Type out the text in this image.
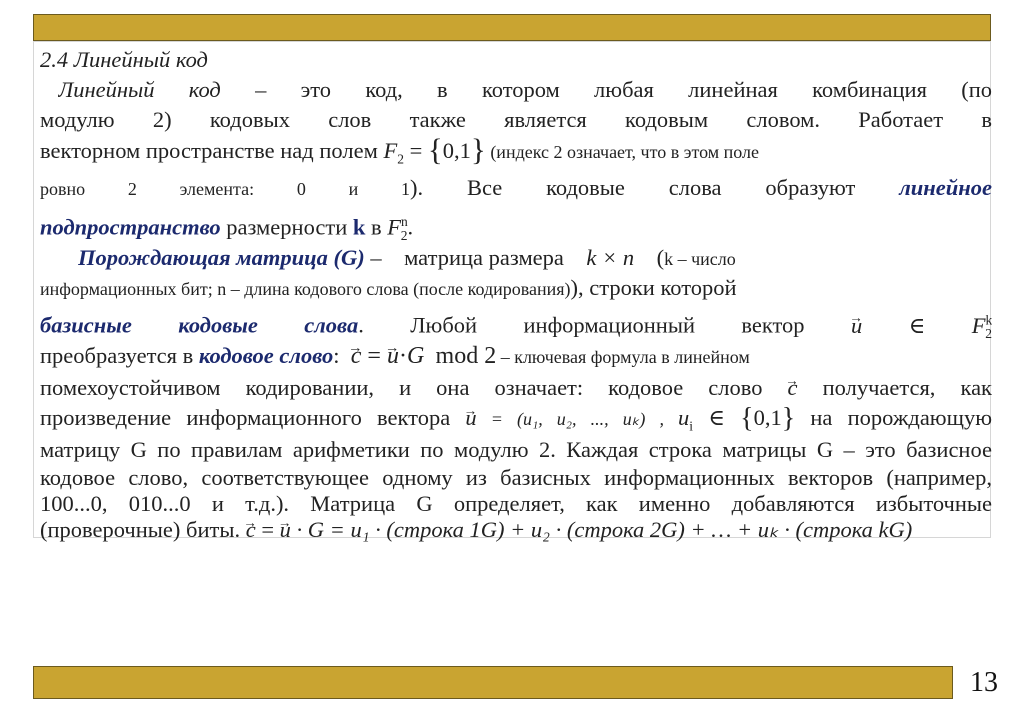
2.4 Линейный код
Линейный код – это код, в котором любая линейная комбинация (по
модулю 2) кодовых слов также является кодовым словом. Работает в
векторном пространстве над полем $F_2 = \{0,1\}$ (индекс 2 означает, что в этом поле
ровно 2 элемента: 0 и 1). Все кодовые слова образуют линейное
подпространство размерности k в $F^n_2$.
Порождающая матрица (G) –    матрица размера    k × n    (k – число
информационных бит; n – длина кодового слова (после кодирования)), строки которой
базисные кодовые слова. Любой информационный вектор → u ∈ $F^k_2$
преобразуется в кодовое слово:  → c = → u·G mod 2 – ключевая формула в линейном
помехоустойчивом кодировании, и она означает: кодовое слово → c получается, как
произведение информационного вектора → u = (u₁, u₂, ..., uₖ) , $u_i$ ∈ {0,1} на порождающую
матрицу G по правилам арифметики по модулю 2. Каждая строка матрицы G – это базисное
кодовое слово, соответствующее одному из базисных информационных векторов (например,
100...0, 010...0 и т.д.). Матрица G определяет, как именно добавляются избыточные
(проверочные) биты. → c = → u · G = u₁ · (строка 1G) + u₂ · (строка 2G) + … + uₖ · (строка kG)
13
